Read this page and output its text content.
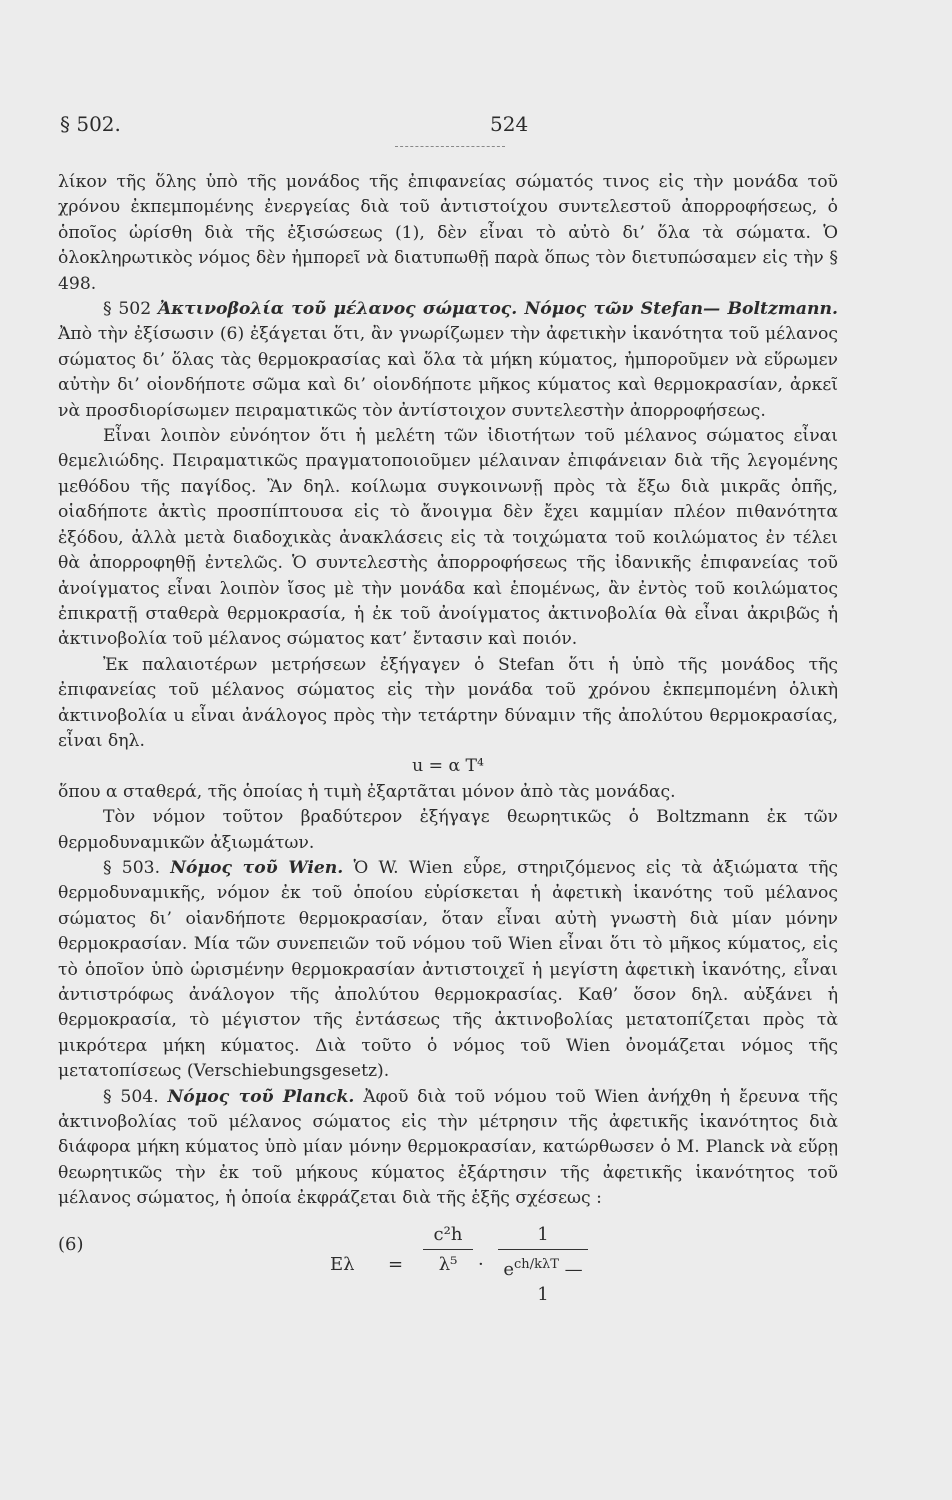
§ 502.	524

λίκον τῆς ὅλης ὑπὸ τῆς μονάδος τῆς ἐπιφανείας σώματός τινος εἰς τὴν μονάδα τοῦ χρόνου ἐκπεμπομένης ἐνεργείας διὰ τοῦ ἀντιστοίχου συντελεστοῦ ἀπορροφήσεως, ὁ ὁποῖος ὡρίσθη διὰ τῆς ἐξισώσεως (1), δὲν εἶναι τὸ αὐτὸ δι’ ὅλα τὰ σώματα. Ὁ ὁλοκληρωτικὸς νόμος δὲν ἠμπορεῖ νὰ διατυπωθῇ παρὰ ὅπως τὸν διετυπώσαμεν εἰς τὴν § 498.

§ 502 Ἀκτινοβολία τοῦ μέλανος σώματος. Νόμος τῶν Stefan— Boltzmann. Ἀπὸ τὴν ἐξίσωσιν (6) ἐξάγεται ὅτι, ἂν γνωρίζωμεν τὴν ἀφετικὴν ἱκανότητα τοῦ μέλανος σώματος δι’ ὅλας τὰς θερμοκρασίας καὶ ὅλα τὰ μήκη κύματος, ἠμποροῦμεν νὰ εὕρωμεν αὐτὴν δι’ οἱονδήποτε σῶμα καὶ δι’ οἱονδήποτε μῆκος κύματος καὶ θερμοκρασίαν, ἀρκεῖ νὰ προσδιορίσωμεν πειραματικῶς τὸν ἀντίστοιχον συντελεστὴν ἀπορροφήσεως.

Εἶναι λοιπὸν εὐνόητον ὅτι ἡ μελέτη τῶν ἰδιοτήτων τοῦ μέλανος σώματος εἶναι θεμελιώδης. Πειραματικῶς πραγματοποιοῦμεν μέλαιναν ἐπιφάνειαν διὰ τῆς λεγομένης μεθόδου τῆς παγίδος. Ἂν δηλ. κοίλωμα συγκοινωνῇ πρὸς τὰ ἔξω διὰ μικρᾶς ὀπῆς, οἱαδήποτε ἀκτὶς προσπίπτουσα εἰς τὸ ἄνοιγμα δὲν ἔχει καμμίαν πλέον πιθανότητα ἐξόδου, ἀλλὰ μετὰ διαδοχικὰς ἀνακλάσεις εἰς τὰ τοιχώματα τοῦ κοιλώματος ἐν τέλει θὰ ἀπορροφηθῇ ἐντελῶς. Ὁ συντελεστὴς ἀπορροφήσεως τῆς ἰδανικῆς ἐπιφανείας τοῦ ἀνοίγματος εἶναι λοιπὸν ἴσος μὲ τὴν μονάδα καὶ ἑπομένως, ἂν ἐντὸς τοῦ κοιλώματος ἐπικρατῇ σταθερὰ θερμοκρασία, ἡ ἐκ τοῦ ἀνοίγματος ἀκτινοβολία θὰ εἶναι ἀκριβῶς ἡ ἀκτινοβολία τοῦ μέλανος σώματος κατ’ ἔντασιν καὶ ποιόν.

Ἐκ παλαιοτέρων μετρήσεων ἐξήγαγεν ὁ Stefan ὅτι ἡ ὑπὸ τῆς μονάδος τῆς ἐπιφανείας τοῦ μέλανος σώματος εἰς τὴν μονάδα τοῦ χρόνου ἐκπεμπομένη ὁλικὴ ἀκτινοβολία u εἶναι ἀνάλογος πρὸς τὴν τετάρτην δύναμιν τῆς ἀπολύτου θερμοκρασίας, εἶναι δηλ.

u = α T⁴

ὅπου α σταθερά, τῆς ὁποίας ἡ τιμὴ ἐξαρτᾶται μόνον ἀπὸ τὰς μονάδας.

Τὸν νόμον τοῦτον βραδύτερον ἐξήγαγε θεωρητικῶς ὁ Boltzmann ἐκ τῶν θερμοδυναμικῶν ἀξιωμάτων.

§ 503. Νόμος τοῦ Wien. Ὁ W. Wien εὗρε, στηριζόμενος εἰς τὰ ἀξιώματα τῆς θερμοδυναμικῆς, νόμον ἐκ τοῦ ὁποίου εὑρίσκεται ἡ ἀφετικὴ ἱκανότης τοῦ μέλανος σώματος δι’ οἱανδήποτε θερμοκρασίαν, ὅταν εἶναι αὐτὴ γνωστὴ διὰ μίαν μόνην θερμοκρασίαν. Μία τῶν συνεπειῶν τοῦ νόμου τοῦ Wien εἶναι ὅτι τὸ μῆκος κύματος, εἰς τὸ ὁποῖον ὑπὸ ὡρισμένην θερμοκρασίαν ἀντιστοιχεῖ ἡ μεγίστη ἀφετικὴ ἱκανότης, εἶναι ἀντιστρόφως ἀνάλογον τῆς ἀπολύτου θερμοκρασίας. Καθ’ ὅσον δηλ. αὐξάνει ἡ θερμοκρασία, τὸ μέγιστον τῆς ἐντάσεως τῆς ἀκτινοβολίας μετατοπίζεται πρὸς τὰ μικρότερα μήκη κύματος. Διὰ τοῦτο ὁ νόμος τοῦ Wien ὀνομάζεται νόμος τῆς μετατοπίσεως (Verschiebungsgesetz).

§ 504. Νόμος τοῦ Planck. Ἀφοῦ διὰ τοῦ νόμου τοῦ Wien ἀνήχθη ἡ ἔρευνα τῆς ἀκτινοβολίας τοῦ μέλανος σώματος εἰς τὴν μέτρησιν τῆς ἀφετικῆς ἱκανότητος διὰ διάφορα μήκη κύματος ὑπὸ μίαν μόνην θερμοκρασίαν, κατώρθωσεν ὁ M. Planck νὰ εὕρῃ θεωρητικῶς τὴν ἐκ τοῦ μήκους κύματος ἐξάρτησιν τῆς ἀφετικῆς ἱκανότητος τοῦ μέλανος σώματος, ἡ ὁποία ἐκφράζεται διὰ τῆς ἑξῆς σχέσεως :

(6)
Eλ =
c²h
λ⁵	·
1
$e^{ch/k\lambda T}$ —1
